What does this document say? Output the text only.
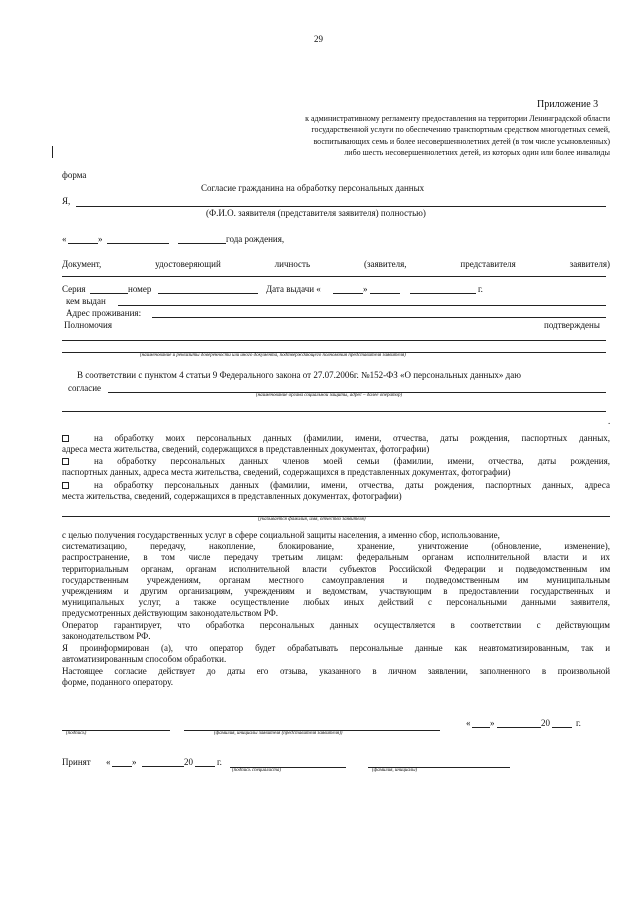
29
Приложение 3
к административному регламенту предоставления на территории Ленинградской области
государственной услуги по обеспечению транспортным средством многодетных семей,
воспитывающих семь и более несовершеннолетних детей (в том числе усыновленных)
либо шесть несовершеннолетних детей, из которых один или более инвалиды
форма
Согласие гражданина на обработку персональных данных
Я,
(Ф.И.О. заявителя (представителя заявителя) полностью)
«	»	года рождения,
Документ,	удостоверяющий	личность	(заявителя,	представителя	заявителя)
Серия	номер	Дата выдачи «	»	г.
кем выдан
Адрес проживания:
Полномочия	подтверждены
(наименование и реквизиты доверенности или иного документа, подтверждающего полномочия представителя заявителя)
В соответствии с пунктом 4 статьи 9 Федерального закона от 27.07.2006г. №152-ФЗ «О персональных данных» даю
согласие
(наименование органа социальной защиты, адрес – далее оператор)
.
на обработку моих персональных данных (фамилии, имени, отчества, даты рождения, паспортных данных,
адреса места жительства, сведений, содержащихся в представленных документах, фотографии)
на обработку персональных данных членов моей семьи (фамилии, имени, отчества, даты рождения,
паспортных данных, адреса места жительства, сведений, содержащихся в представленных документах, фотографии)
на обработку персональных данных (фамилии, имени, отчества, даты рождения, паспортных данных, адреса
места жительства, сведений, содержащихся в представленных документах, фотографии)
(указывается фамилия, имя, отчество заявителя)
с целью получения государственных услуг в сфере социальной защиты населения, а именно сбор, использование,
систематизацию, передачу, накопление, блокирование, хранение, уничтожение (обновление, изменение),
распространение, в том числе передачу третьим лицам: федеральным органам исполнительной власти и их
территориальным органам, органам исполнительной власти субъектов Российской Федерации и подведомственным им
государственным учреждениям, органам местного самоуправления и подведомственным им муниципальным
учреждениям и другим организациям, учреждениям и ведомствам, участвующим в предоставлении государственных и
муниципальных услуг, а также осуществление любых иных действий с персональными данными заявителя,
предусмотренных действующим законодательством РФ.
Оператор гарантирует, что обработка персональных данных осуществляется в соответствии с действующим
законодательством РФ.
Я проинформирован (а), что оператор будет обрабатывать персональные данные как неавтоматизированным, так и
автоматизированным способом обработки.
Настоящее согласие действует до даты его отзыва, указанного в личном заявлении, заполненного в произвольной
форме, поданного оператору.
(подпись)	(фамилия, инициалы заявителя (представителя заявителя))
« »	20	г.
Принят « »	20	г.
(подпись специалиста)	(фамилия, инициалы)
